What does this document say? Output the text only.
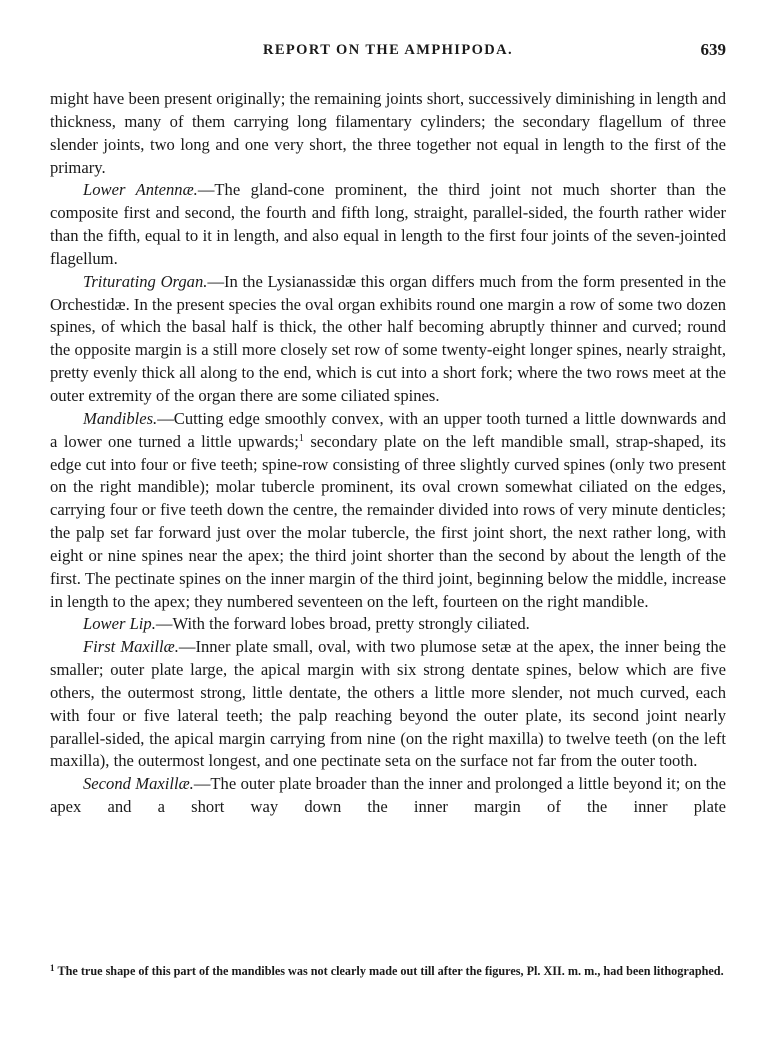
REPORT ON THE AMPHIPODA.	639

might have been present originally; the remaining joints short, successively diminishing in length and thickness, many of them carrying long filamentary cylinders; the secondary flagellum of three slender joints, two long and one very short, the three together not equal in length to the first of the primary.

Lower Antennæ.—The gland-cone prominent, the third joint not much shorter than the composite first and second, the fourth and fifth long, straight, parallel-sided, the fourth rather wider than the fifth, equal to it in length, and also equal in length to the first four joints of the seven-jointed flagellum.

Triturating Organ.—In the Lysianassidæ this organ differs much from the form presented in the Orchestidæ. In the present species the oval organ exhibits round one margin a row of some two dozen spines, of which the basal half is thick, the other half becoming abruptly thinner and curved; round the opposite margin is a still more closely set row of some twenty-eight longer spines, nearly straight, pretty evenly thick all along to the end, which is cut into a short fork; where the two rows meet at the outer extremity of the organ there are some ciliated spines.

Mandibles.—Cutting edge smoothly convex, with an upper tooth turned a little downwards and a lower one turned a little upwards;$^1$ secondary plate on the left mandible small, strap-shaped, its edge cut into four or five teeth; spine-row consisting of three slightly curved spines (only two present on the right mandible); molar tubercle prominent, its oval crown somewhat ciliated on the edges, carrying four or five teeth down the centre, the remainder divided into rows of very minute denticles; the palp set far forward just over the molar tubercle, the first joint short, the next rather long, with eight or nine spines near the apex; the third joint shorter than the second by about the length of the first. The pectinate spines on the inner margin of the third joint, beginning below the middle, increase in length to the apex; they numbered seventeen on the left, fourteen on the right mandible.

Lower Lip.—With the forward lobes broad, pretty strongly ciliated.

First Maxillæ.—Inner plate small, oval, with two plumose setæ at the apex, the inner being the smaller; outer plate large, the apical margin with six strong dentate spines, below which are five others, the outermost strong, little dentate, the others a little more slender, not much curved, each with four or five lateral teeth; the palp reaching beyond the outer plate, its second joint nearly parallel-sided, the apical margin carrying from nine (on the right maxilla) to twelve teeth (on the left maxilla), the outermost longest, and one pectinate seta on the surface not far from the outer tooth.

Second Maxillæ.—The outer plate broader than the inner and prolonged a little beyond it; on the apex and a short way down the inner margin of the inner plate

$^1$ The true shape of this part of the mandibles was not clearly made out till after the figures, Pl. XII. m. m., had been lithographed.
